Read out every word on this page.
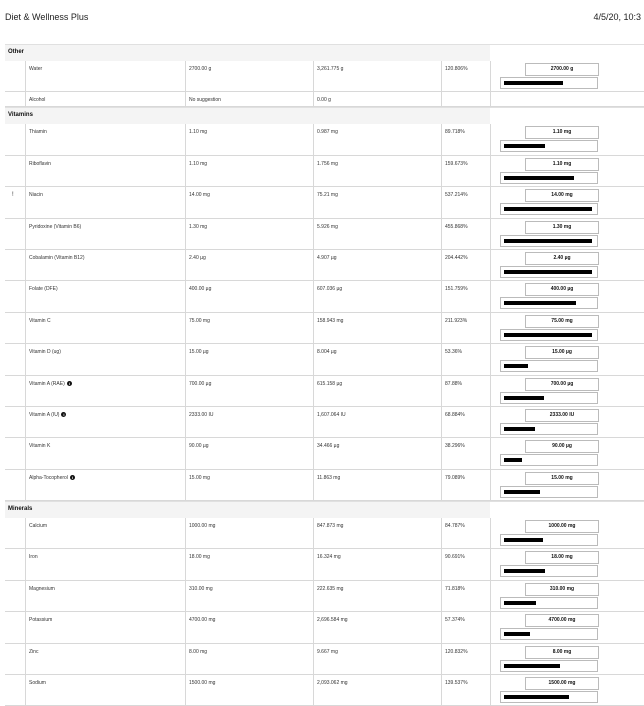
Diet & Wellness Plus	4/5/20, 10:3
Other
Water	2700.00 g	3,261.775 g	120.806%	2700.00 g
Alcohol	No suggestion	0.00 g
Vitamins
Thiamin	1.10 mg	0.987 mg	89.718%	1.10 mg
Riboflavin	1.10 mg	1.756 mg	159.673%	1.10 mg
!	Niacin	14.00 mg	75.21 mg	537.214%	14.00 mg
Pyridoxine (Vitamin B6)	1.30 mg	5.926 mg	455.868%	1.30 mg
Cobalamin (Vitamin B12)	2.40 µg	4.907 µg	204.442%	2.40 µg
Folate (DFE)	400.00 µg	607.036 µg	151.759%	400.00 µg
Vitamin C	75.00 mg	158.943 mg	211.923%	75.00 mg
Vitamin D (ug)	15.00 µg	8.004 µg	53.36%	15.00 µg
Vitamin A (RAE) i	700.00 µg	615.158 µg	87.88%	700.00 µg
Vitamin A (IU) i	2333.00 IU	1,607.064 IU	68.884%	2333.00 IU
Vitamin K	90.00 µg	34.466 µg	38.296%	90.00 µg
Alpha-Tocopherol i	15.00 mg	11.863 mg	79.089%	15.00 mg
Minerals
Calcium	1000.00 mg	847.873 mg	84.787%	1000.00 mg
Iron	18.00 mg	16.324 mg	90.691%	18.00 mg
Magnesium	310.00 mg	222.635 mg	71.818%	310.00 mg
Potassium	4700.00 mg	2,696.584 mg	57.374%	4700.00 mg
Zinc	8.00 mg	9.667 mg	120.832%	8.00 mg
Sodium	1500.00 mg	2,093.062 mg	139.537%	1500.00 mg
